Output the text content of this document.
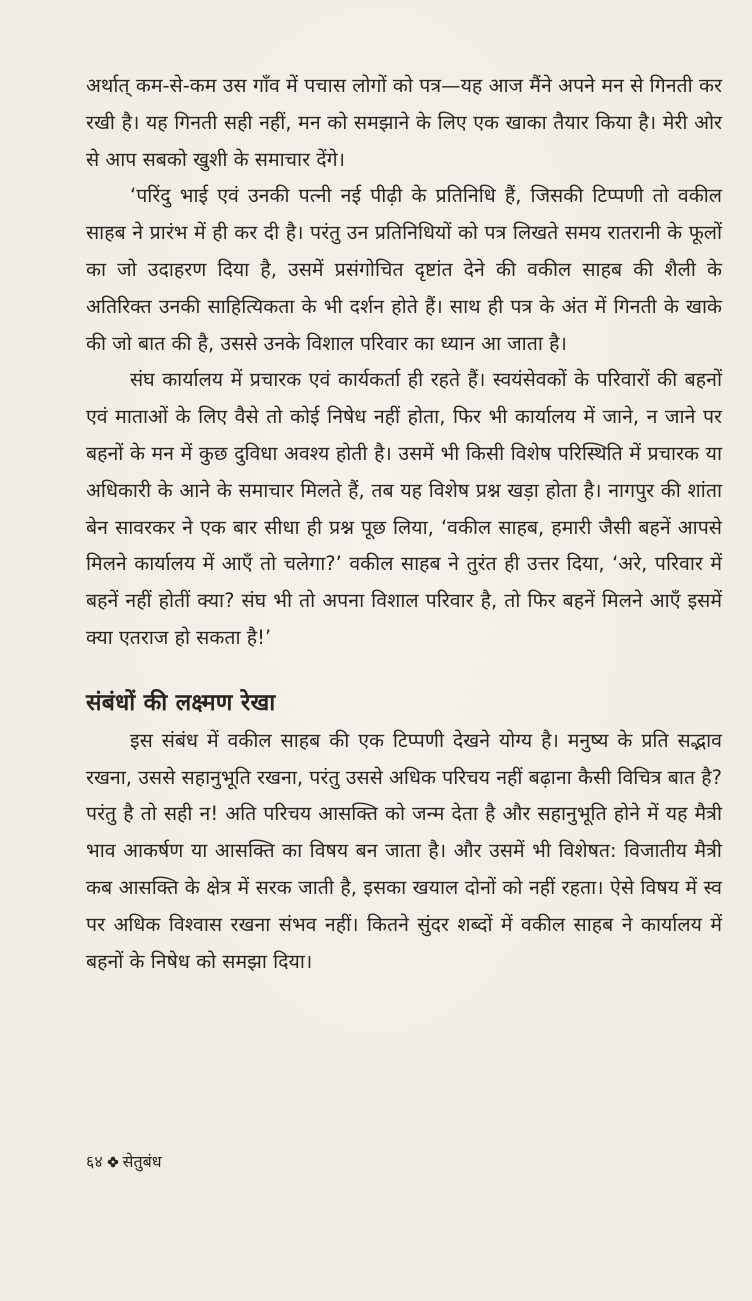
अर्थात् कम-से-कम उस गाँव में पचास लोगों को पत्र—यह आज मैंने अपने मन से गिनती कर रखी है। यह गिनती सही नहीं, मन को समझाने के लिए एक खाका तैयार किया है। मेरी ओर से आप सबको खुशी के समाचार देंगे।

‘परिंदु भाई एवं उनकी पत्नी नई पीढ़ी के प्रतिनिधि हैं, जिसकी टिप्पणी तो वकील साहब ने प्रारंभ में ही कर दी है। परंतु उन प्रतिनिधियों को पत्र लिखते समय रातरानी के फूलों का जो उदाहरण दिया है, उसमें प्रसंगोचित दृष्टांत देने की वकील साहब की शैली के अतिरिक्त उनकी साहित्यिकता के भी दर्शन होते हैं। साथ ही पत्र के अंत में गिनती के खाके की जो बात की है, उससे उनके विशाल परिवार का ध्यान आ जाता है।

संघ कार्यालय में प्रचारक एवं कार्यकर्ता ही रहते हैं। स्वयंसेवकों के परिवारों की बहनों एवं माताओं के लिए वैसे तो कोई निषेध नहीं होता, फिर भी कार्यालय में जाने, न जाने पर बहनों के मन में कुछ दुविधा अवश्य होती है। उसमें भी किसी विशेष परिस्थिति में प्रचारक या अधिकारी के आने के समाचार मिलते हैं, तब यह विशेष प्रश्न खड़ा होता है। नागपुर की शांता बेन सावरकर ने एक बार सीधा ही प्रश्न पूछ लिया, ‘वकील साहब, हमारी जैसी बहनें आपसे मिलने कार्यालय में आएँ तो चलेगा?’ वकील साहब ने तुरंत ही उत्तर दिया, ‘अरे, परिवार में बहनें नहीं होतीं क्या? संघ भी तो अपना विशाल परिवार है, तो फिर बहनें मिलने आएँ इसमें क्या एतराज हो सकता है!’

संबंधों की लक्ष्मण रेखा

इस संबंध में वकील साहब की एक टिप्पणी देखने योग्य है। मनुष्य के प्रति सद्भाव रखना, उससे सहानुभूति रखना, परंतु उससे अधिक परिचय नहीं बढ़ाना कैसी विचित्र बात है? परंतु है तो सही न! अति परिचय आसक्ति को जन्म देता है और सहानुभूति होने में यह मैत्री भाव आकर्षण या आसक्ति का विषय बन जाता है। और उसमें भी विशेषत: विजातीय मैत्री कब आसक्ति के क्षेत्र में सरक जाती है, इसका खयाल दोनों को नहीं रहता। ऐसे विषय में स्व पर अधिक विश्वास रखना संभव नहीं। कितने सुंदर शब्दों में वकील साहब ने कार्यालय में बहनों के निषेध को समझा दिया।

६४ सेतुबंध
